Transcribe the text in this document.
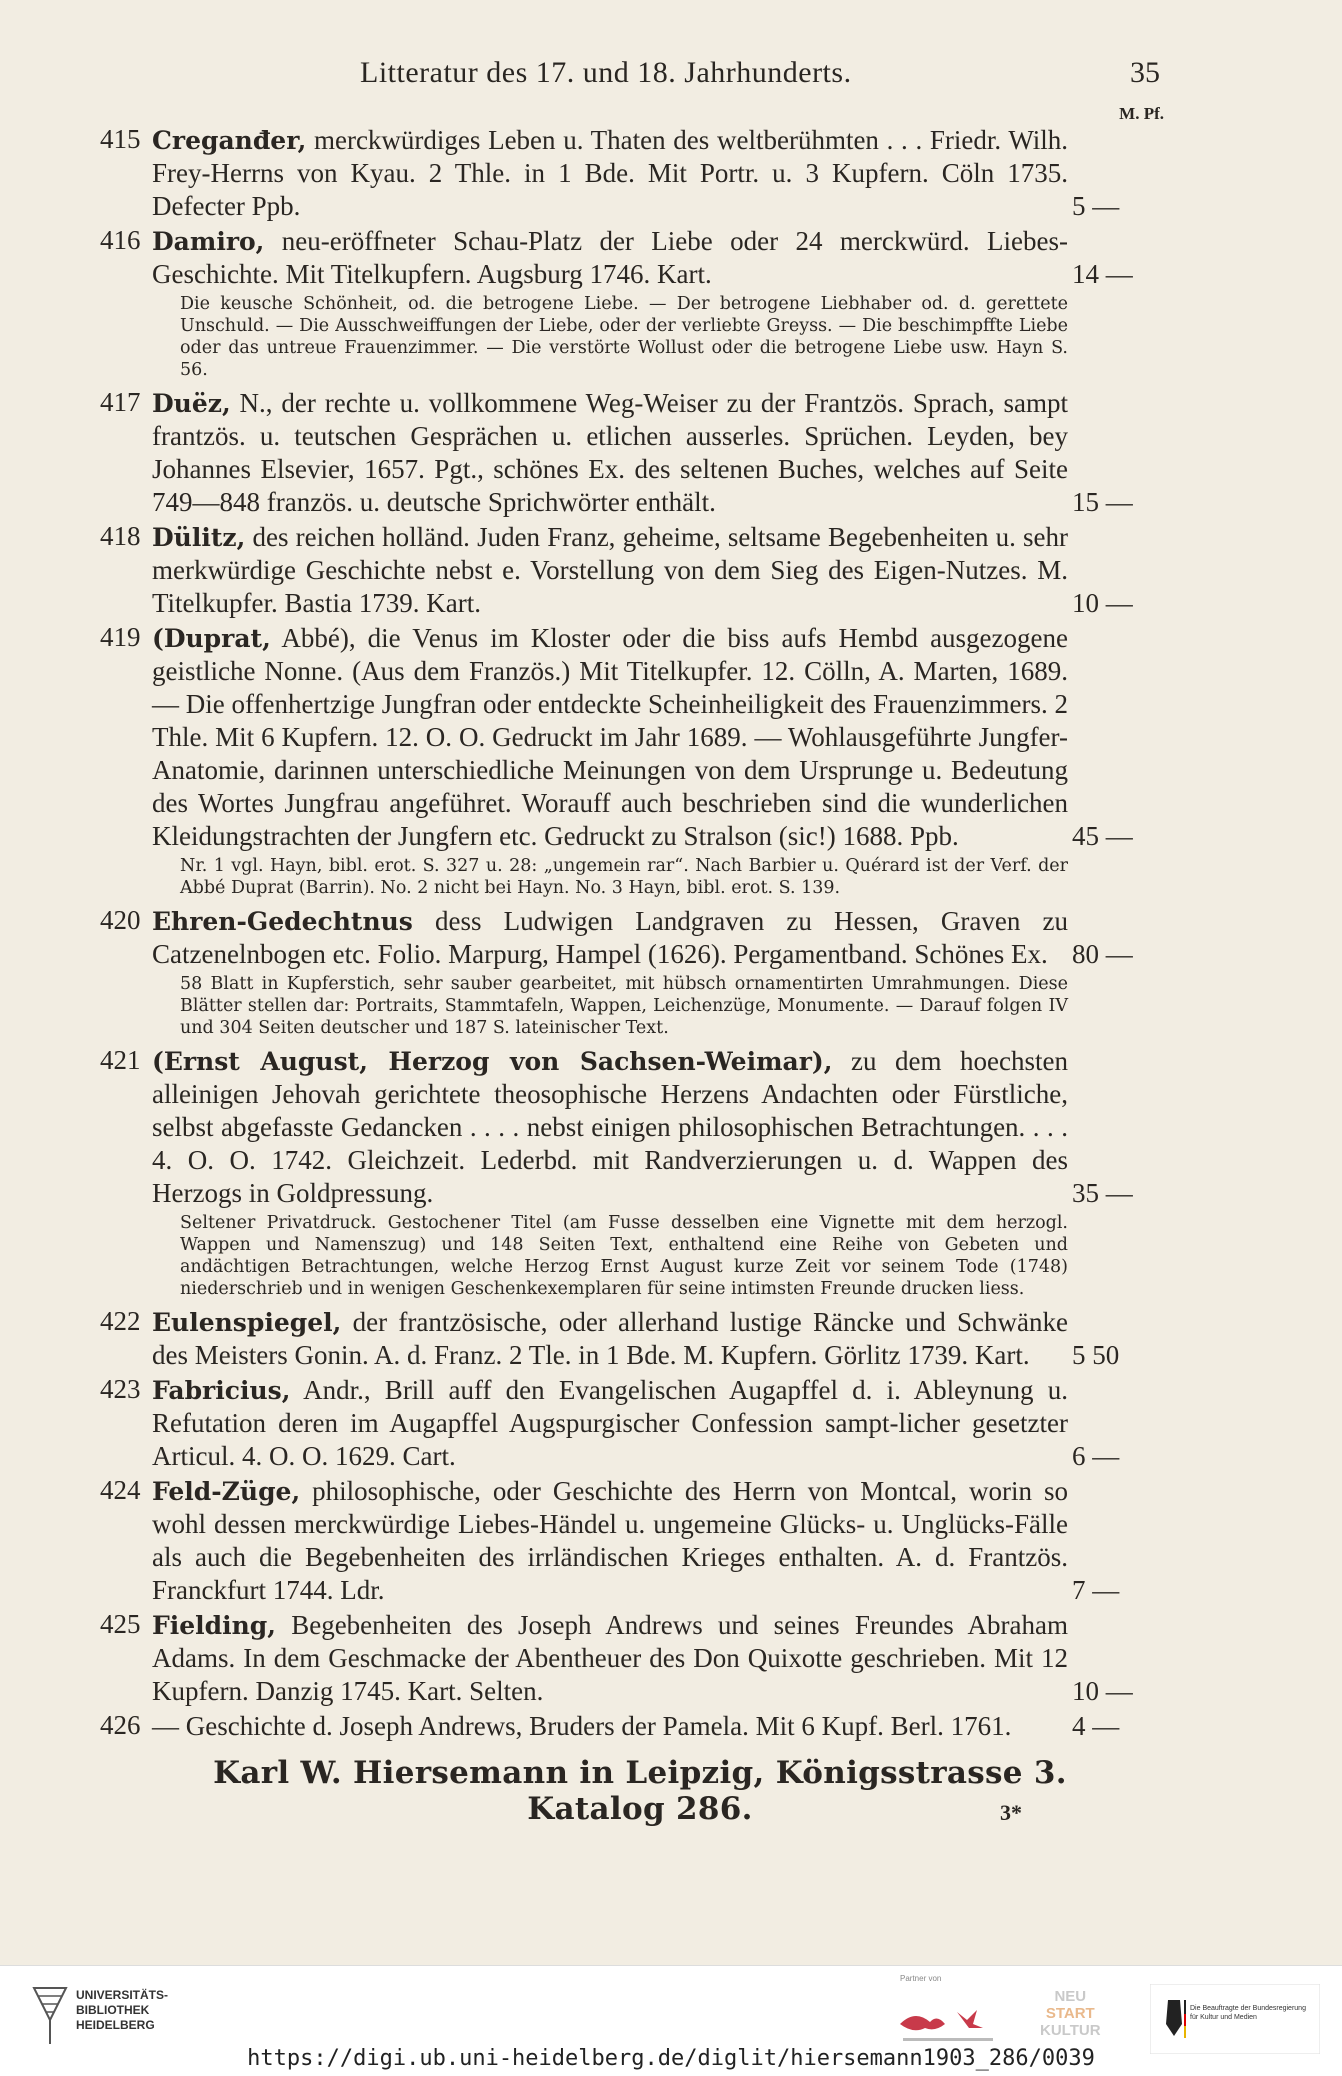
Litteratur des 17. und 18. Jahrhunderts.	35
M. Pf.
415 Creganđer, merckwürdiges Leben u. Thaten des weltberühmten . . . Friedr. Wilh. Frey-Herrns von Kyau. 2 Thle. in 1 Bde. Mit Portr. u. 3 Kupfern. Cöln 1735. Defecter Ppb.	5 —
416 Damiro, neu-eröffneter Schau-Platz der Liebe oder 24 merckwürd. Liebes-Geschichte. Mit Titelkupfern. Augsburg 1746. Kart.	14 —
Die keusche Schönheit, od. die betrogene Liebe. — Der betrogene Liebhaber od. d. gerettete Unschuld. — Die Ausschweiffungen der Liebe, oder der verliebte Greyss. — Die beschimpffte Liebe oder das untreue Frauenzimmer. — Die verstörte Wollust oder die betrogene Liebe usw. Hayn S. 56.
417 Duëz, N., der rechte u. vollkommene Weg-Weiser zu der Frantzös. Sprach, sampt frantzös. u. teutschen Gesprächen u. etlichen ausserles. Sprüchen. Leyden, bey Johannes Elsevier, 1657. Pgt., schönes Ex. des seltenen Buches, welches auf Seite 749—848 französ. u. deutsche Sprichwörter enthält.	15 —
418 Dülitz, des reichen holländ. Juden Franz, geheime, seltsame Begebenheiten u. sehr merkwürdige Geschichte nebst e. Vorstellung von dem Sieg des Eigen-Nutzes. M. Titelkupfer. Bastia 1739. Kart.	10 —
419 (Duprat, Abbé), die Venus im Kloster oder die biss aufs Hembd ausgezogene geistliche Nonne. (Aus dem Französ.) Mit Titelkupfer. 12. Cölln, A. Marten, 1689. — Die offenhertzige Jungfran oder entdeckte Scheinheiligkeit des Frauenzimmers. 2 Thle. Mit 6 Kupfern. 12. O. O. Gedruckt im Jahr 1689. — Wohlausgeführte Jungfer-Anatomie, darinnen unterschiedliche Meinungen von dem Ursprunge u. Bedeutung des Wortes Jungfrau angeführet. Worauff auch beschrieben sind die wunderlichen Kleidungstrachten der Jungfern etc. Gedruckt zu Stralson (sic!) 1688. Ppb.	45 —
Nr. 1 vgl. Hayn, bibl. erot. S. 327 u. 28: „ungemein rar“. Nach Barbier u. Quérard ist der Verf. der Abbé Duprat (Barrin). No. 2 nicht bei Hayn. No. 3 Hayn, bibl. erot. S. 139.
420 Ehren-Gedechtnus dess Ludwigen Landgraven zu Hessen, Graven zu Catzenelnbogen etc. Folio. Marpurg, Hampel (1626). Pergamentband. Schönes Ex. 80 —
58 Blatt in Kupferstich, sehr sauber gearbeitet, mit hübsch ornamentirten Umrahmungen. Diese Blätter stellen dar: Portraits, Stammtafeln, Wappen, Leichenzüge, Monumente. — Darauf folgen IV und 304 Seiten deutscher und 187 S. lateinischer Text.
421 (Ernst August, Herzog von Sachsen-Weimar), zu dem hoechsten alleinigen Jehovah gerichtete theosophische Herzens Andachten oder Fürstliche, selbst abgefasste Gedancken . . . . nebst einigen philosophischen Betrachtungen. . . . 4. O. O. 1742. Gleichzeit. Lederbd. mit Randverzierungen u. d. Wappen des Herzogs in Goldpressung.	35 —
Seltener Privatdruck. Gestochener Titel (am Fusse desselben eine Vignette mit dem herzogl. Wappen und Namenszug) und 148 Seiten Text, enthaltend eine Reihe von Gebeten und andächtigen Betrachtungen, welche Herzog Ernst August kurze Zeit vor seinem Tode (1748) niederschrieb und in wenigen Geschenkexemplaren für seine intimsten Freunde drucken liess.
422 Eulenspiegel, der frantzösische, oder allerhand lustige Räncke und Schwänke des Meisters Gonin. A. d. Franz. 2 Tle. in 1 Bde. M. Kupfern. Görlitz 1739. Kart.	5 50
423 Fabricius, Andr., Brill auff den Evangelischen Augapffel d. i. Ableynung u. Refutation deren im Augapffel Augspurgischer Confession sampt-licher gesetzter Articul. 4. O. O. 1629. Cart.	6 —
424 Feld-Züge, philosophische, oder Geschichte des Herrn von Montcal, worin so wohl dessen merckwürdige Liebes-Händel u. ungemeine Glücks- u. Unglücks-Fälle als auch die Begebenheiten des irrländischen Krieges enthalten. A. d. Frantzös. Franckfurt 1744. Ldr.	7 —
425 Fielding, Begebenheiten des Joseph Andrews und seines Freundes Abraham Adams. In dem Geschmacke der Abentheuer des Don Quixotte geschrieben. Mit 12 Kupfern. Danzig 1745. Kart. Selten.	10 —
426 — Geschichte d. Joseph Andrews, Bruders der Pamela. Mit 6 Kupf. Berl. 1761.	4 —
Karl W. Hiersemann in Leipzig, Königsstrasse 3. Katalog 286.	3*
UNIVERSITÄTS-
BIBLIOTHEK
HEIDELBERG
Partner von
NEU
START
KULTUR
Die Beauftragte der Bundesregierung für Kultur und Medien
https://digi.ub.uni-heidelberg.de/diglit/hiersemann1903_286/0039
